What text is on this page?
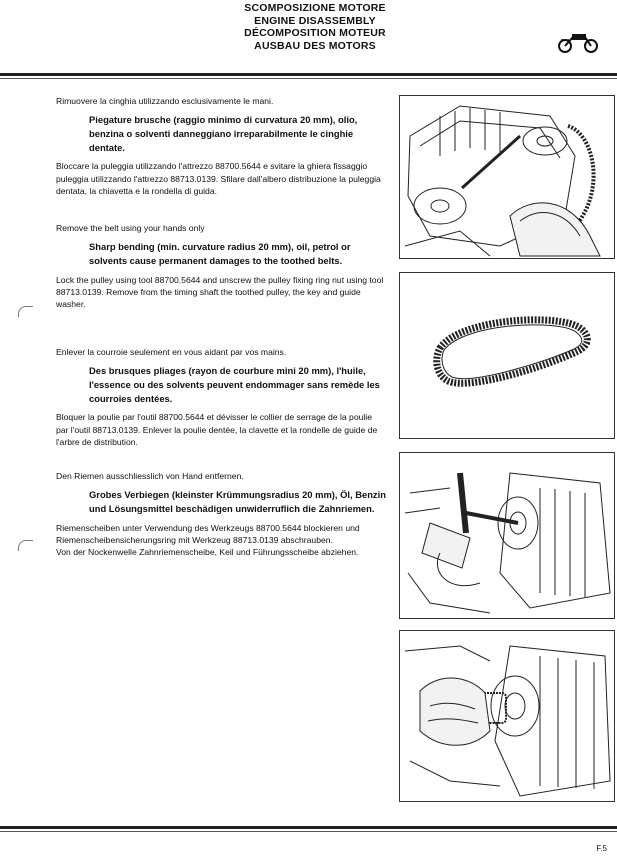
SCOMPOSIZIONE MOTORE
ENGINE DISASSEMBLY
DÉCOMPOSITION MOTEUR
AUSBAU DES MOTORS

Rimuovere la cinghia utilizzando esclusivamente le mani.

Piegature brusche (raggio minimo di curvatura 20 mm), olio, benzina o solventi danneggiano irreparabilmente le cinghie dentate.

Bloccare la puleggia utilizzando l'attrezzo 88700.5644 e svitare la ghiera fissaggio puleggia utilizzando l'attrezzo 88713.0139. Sfilare dall'albero distribuzione la puleggia dentata, la chiavetta e la rondella di guida.

Remove the belt using your hands only

Sharp bending (min. curvature radius 20 mm), oil, petrol or solvents cause permanent damages to the toothed belts.

Lock the pulley using tool 88700.5644 and unscrew the pulley fixing ring nut using tool 88713.0139. Remove from the timing shaft the toothed pulley, the key and guide washer.

Enlever la courroie seulement en vous aidant par vos mains.

Des brusques pliages (rayon de courbure mini 20 mm), l'huile, l'essence ou des solvents peuvent endommager sans remède les courroies dentées.

Bloquer la poulie par l'outil 88700.5644 et dévisser le collier de serrage de la poulie par l'outil 88713.0139. Enlever la poulie dentée, la clavette et la rondelle de guide de l'arbre de distribution.

Den Riemen ausschliesslich von Hand entfernen.

Grobes Verbiegen (kleinster Krümmungsradius 20 mm), Öl, Benzin und Lösungsmittel beschädigen unwiderruflich die Zahnriemen.

Riemenscheiben unter Verwendung des Werkzeugs 88700.5644 blockieren und Riemenscheibensicherungsring mit Werkzeug 88713.0139 abschrauben.

Von der Nockenwelle Zahnriemenscheibe, Keil und Führungsscheibe abziehen.

F.5
